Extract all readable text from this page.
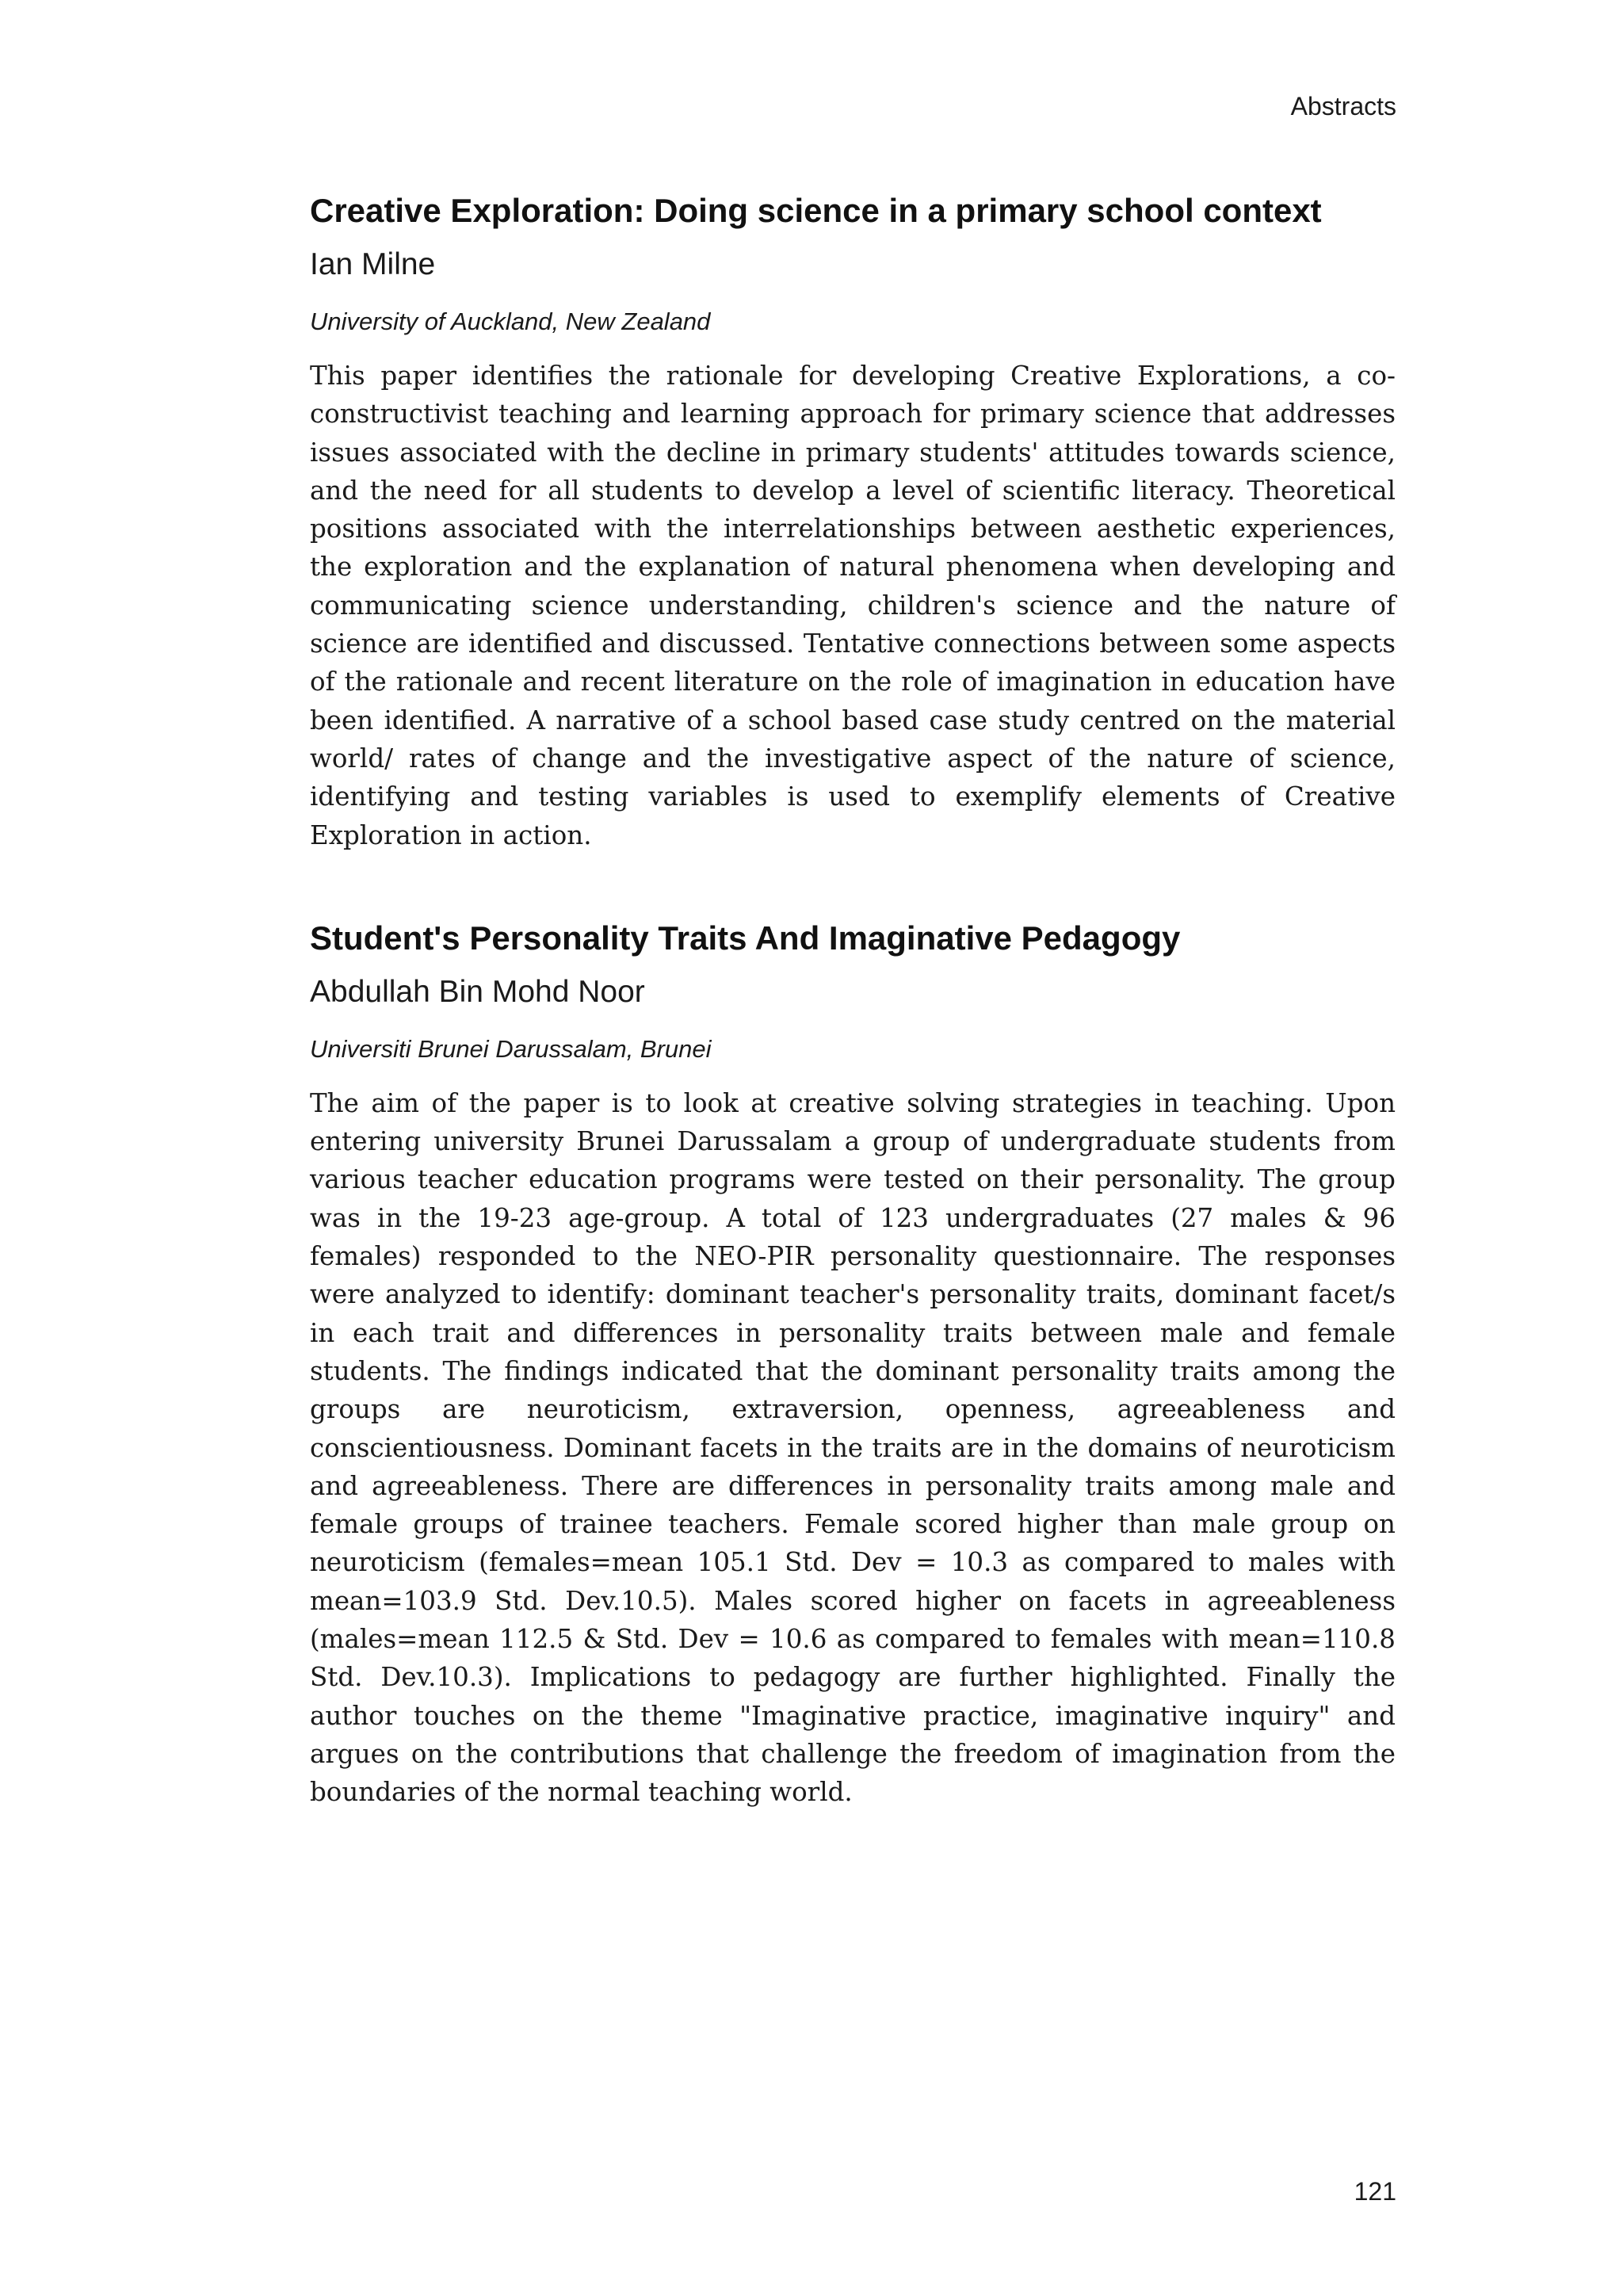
Abstracts
Creative Exploration: Doing science in a primary school context
Ian Milne
University of Auckland, New Zealand

This paper identifies the rationale for developing Creative Explorations, a co-constructivist teaching and learning approach for primary science that addresses issues associated with the decline in primary students' attitudes towards science, and the need for all students to develop a level of scientific literacy. Theoretical positions associated with the interrelationships between aesthetic experiences, the exploration and the explanation of natural phenomena when developing and communicating science understanding, children's science and the nature of science are identified and discussed. Tentative connections between some aspects of the rationale and recent literature on the role of imagination in education have been identified. A narrative of a school based case study centred on the material world/ rates of change and the investigative aspect of the nature of science, identifying and testing variables is used to exemplify elements of Creative Exploration in action.

Student's Personality Traits And Imaginative Pedagogy
Abdullah Bin Mohd Noor
Universiti Brunei Darussalam, Brunei

The aim of the paper is to look at creative solving strategies in teaching. Upon entering university Brunei Darussalam a group of undergraduate students from various teacher education programs were tested on their personality. The group was in the 19-23 age-group. A total of 123 undergraduates (27 males & 96 females) responded to the NEO-PIR personality questionnaire. The responses were analyzed to identify: dominant teacher's personality traits, dominant facet/s in each trait and differences in personality traits between male and female students. The findings indicated that the dominant personality traits among the groups are neuroticism, extraversion, openness, agreeableness and conscientiousness. Dominant facets in the traits are in the domains of neuroticism and agreeableness. There are differences in personality traits among male and female groups of trainee teachers. Female scored higher than male group on neuroticism (females=mean 105.1 Std. Dev = 10.3 as compared to males with mean=103.9 Std. Dev.10.5). Males scored higher on facets in agreeableness (males=mean 112.5 & Std. Dev = 10.6 as compared to females with mean=110.8 Std. Dev.10.3). Implications to pedagogy are further highlighted. Finally the author touches on the theme "Imaginative practice, imaginative inquiry" and argues on the contributions that challenge the freedom of imagination from the boundaries of the normal teaching world.

121
